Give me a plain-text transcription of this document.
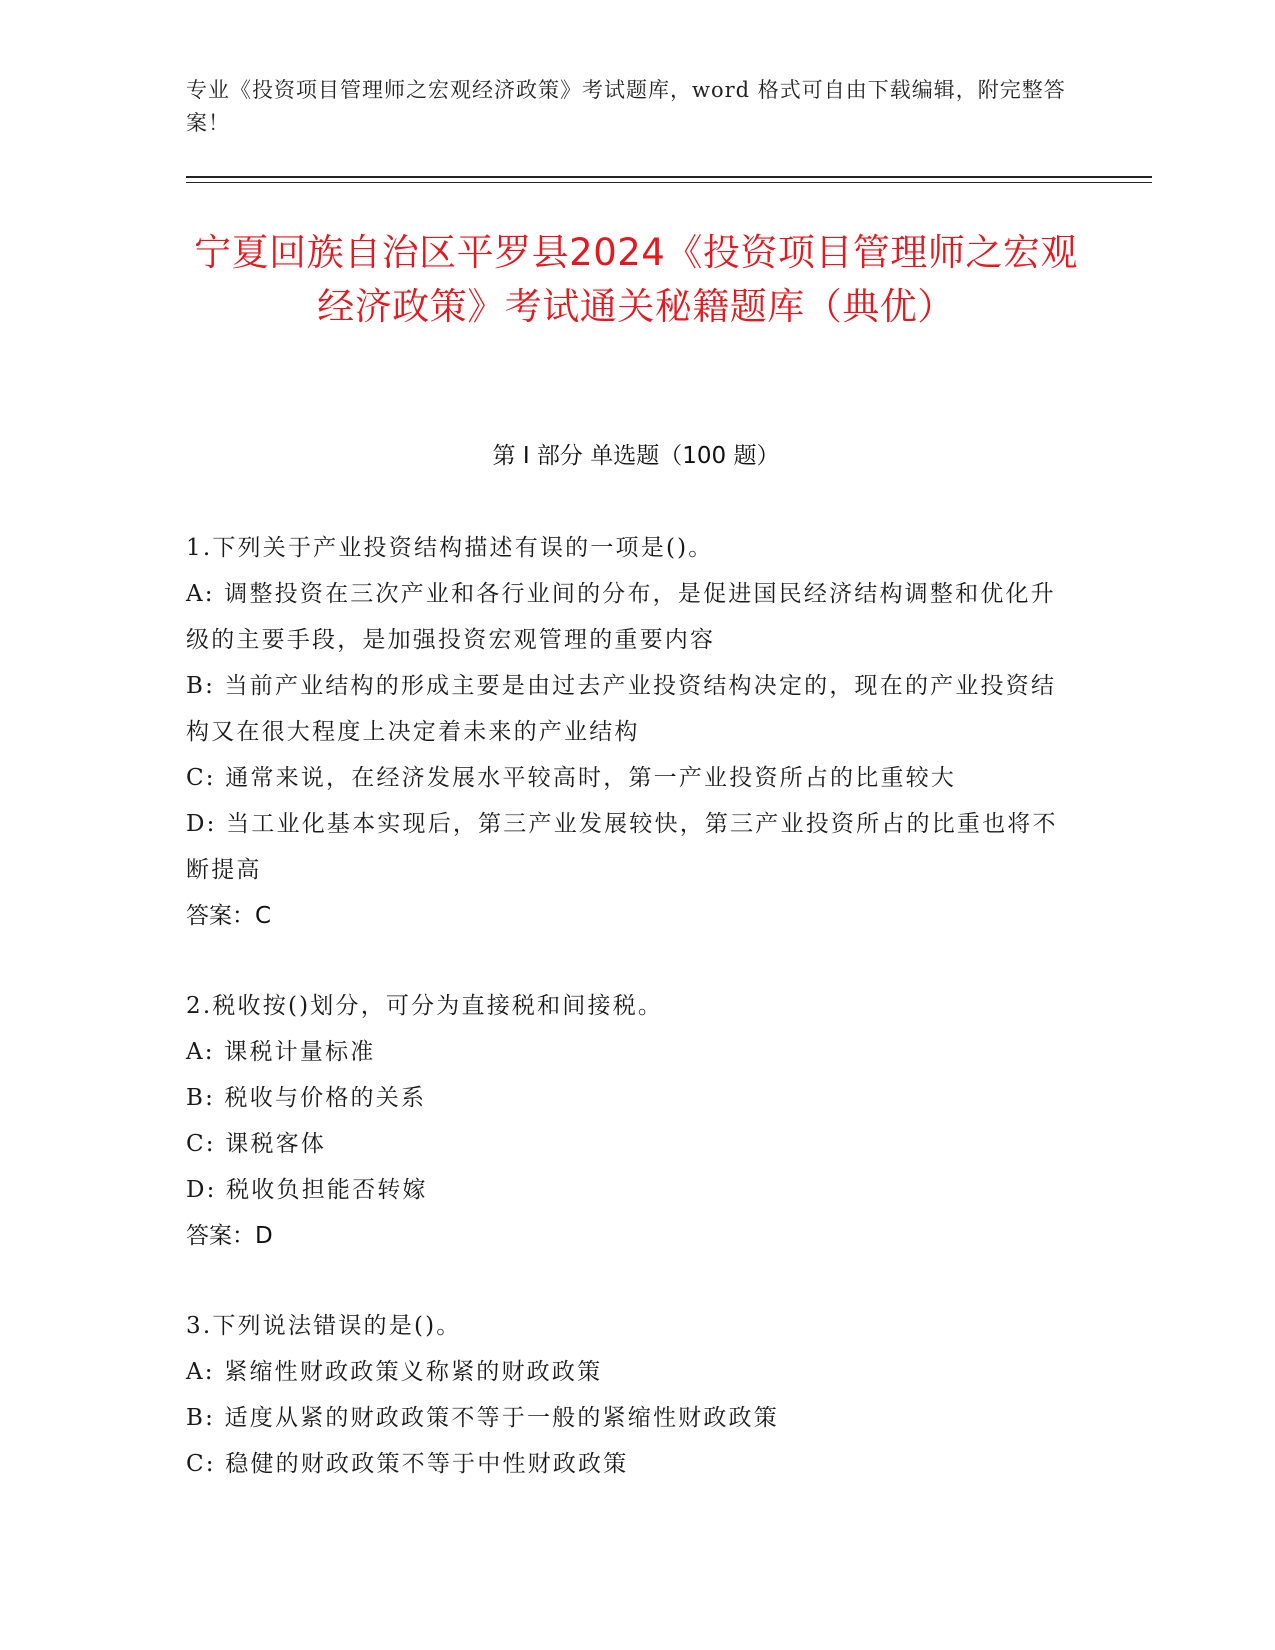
专业《投资项目管理师之宏观经济政策》考试题库，word 格式可自由下载编辑，附完整答案！
宁夏回族自治区平罗县2024《投资项目管理师之宏观经济政策》考试通关秘籍题库（典优）
第 I 部分 单选题（100 题）

1.下列关于产业投资结构描述有误的一项是()。

A: 调整投资在三次产业和各行业间的分布，是促进国民经济结构调整和优化升级的主要手段，是加强投资宏观管理的重要内容

B: 当前产业结构的形成主要是由过去产业投资结构决定的，现在的产业投资结构又在很大程度上决定着未来的产业结构

C: 通常来说，在经济发展水平较高时，第一产业投资所占的比重较大

D: 当工业化基本实现后，第三产业发展较快，第三产业投资所占的比重也将不断提高

答案：C

2.税收按()划分，可分为直接税和间接税。

A: 课税计量标准

B: 税收与价格的关系

C: 课税客体

D: 税收负担能否转嫁

答案：D

3.下列说法错误的是()。

A: 紧缩性财政政策义称紧的财政政策

B: 适度从紧的财政政策不等于一般的紧缩性财政政策

C: 稳健的财政政策不等于中性财政政策
